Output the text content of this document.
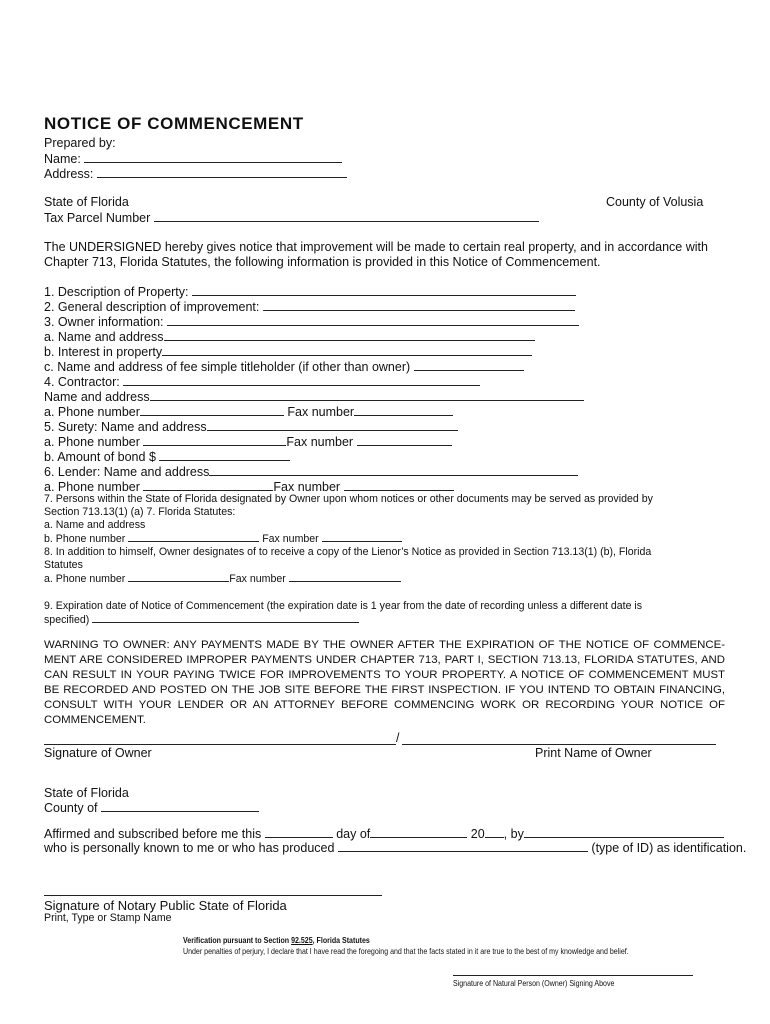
NOTICE OF COMMENCEMENT
Prepared by:
Name:
Address:
State of Florida	County of Volusia
Tax Parcel Number
The UNDERSIGNED hereby gives notice that improvement will be made to certain real property, and in accordance with
Chapter 713, Florida Statutes, the following information is provided in this Notice of Commencement.
1. Description of Property:
2. General description of improvement:
3. Owner information:
a. Name and address
b. Interest in property
c. Name and address of fee simple titleholder (if other than owner)
4. Contractor:
Name and address
a. Phone number	Fax number
5. Surety: Name and address
a. Phone number	Fax number
b. Amount of bond $
6. Lender: Name and address
a. Phone number	Fax number
7. Persons within the State of Florida designated by Owner upon whom notices or other documents may be served as provided by
Section 713.13(1) (a) 7. Florida Statutes:
a. Name and address
b. Phone number	Fax number
8. In addition to himself, Owner designates of to receive a copy of the Lienor’s Notice as provided in Section 713.13(1) (b), Florida
Statutes
a. Phone number	Fax number
9. Expiration date of Notice of Commencement (the expiration date is 1 year from the date of recording unless a different date is
specified)
WARNING TO OWNER: ANY PAYMENTS MADE BY THE OWNER AFTER THE EXPIRATION OF THE NOTICE OF COMMENCE-MENT ARE CONSIDERED IMPROPER PAYMENTS UNDER CHAPTER 713, PART I, SECTION 713.13, FLORIDA STATUTES, AND CAN RESULT IN YOUR PAYING TWICE FOR IMPROVEMENTS TO YOUR PROPERTY. A NOTICE OF COMMENCEMENT MUST BE RECORDED AND POSTED ON THE JOB SITE BEFORE THE FIRST INSPECTION. IF YOU INTEND TO OBTAIN FINANCING, CONSULT WITH YOUR LENDER OR AN ATTORNEY BEFORE COMMENCING WORK OR RECORDING YOUR NOTICE OF COMMENCEMENT.
/
Signature of Owner	Print Name of Owner
State of Florida
County of
Affirmed and subscribed before me this	day of	20 , by
who is personally known to me or who has produced	(type of ID) as identification.
Signature of Notary Public State of Florida
Print, Type or Stamp Name
Verification pursuant to Section 92.525, Florida Statutes
Under penalties of perjury, I declare that I have read the foregoing and that the facts stated in it are true to the best of my knowledge and belief.
Signature of Natural Person (Owner) Signing Above
